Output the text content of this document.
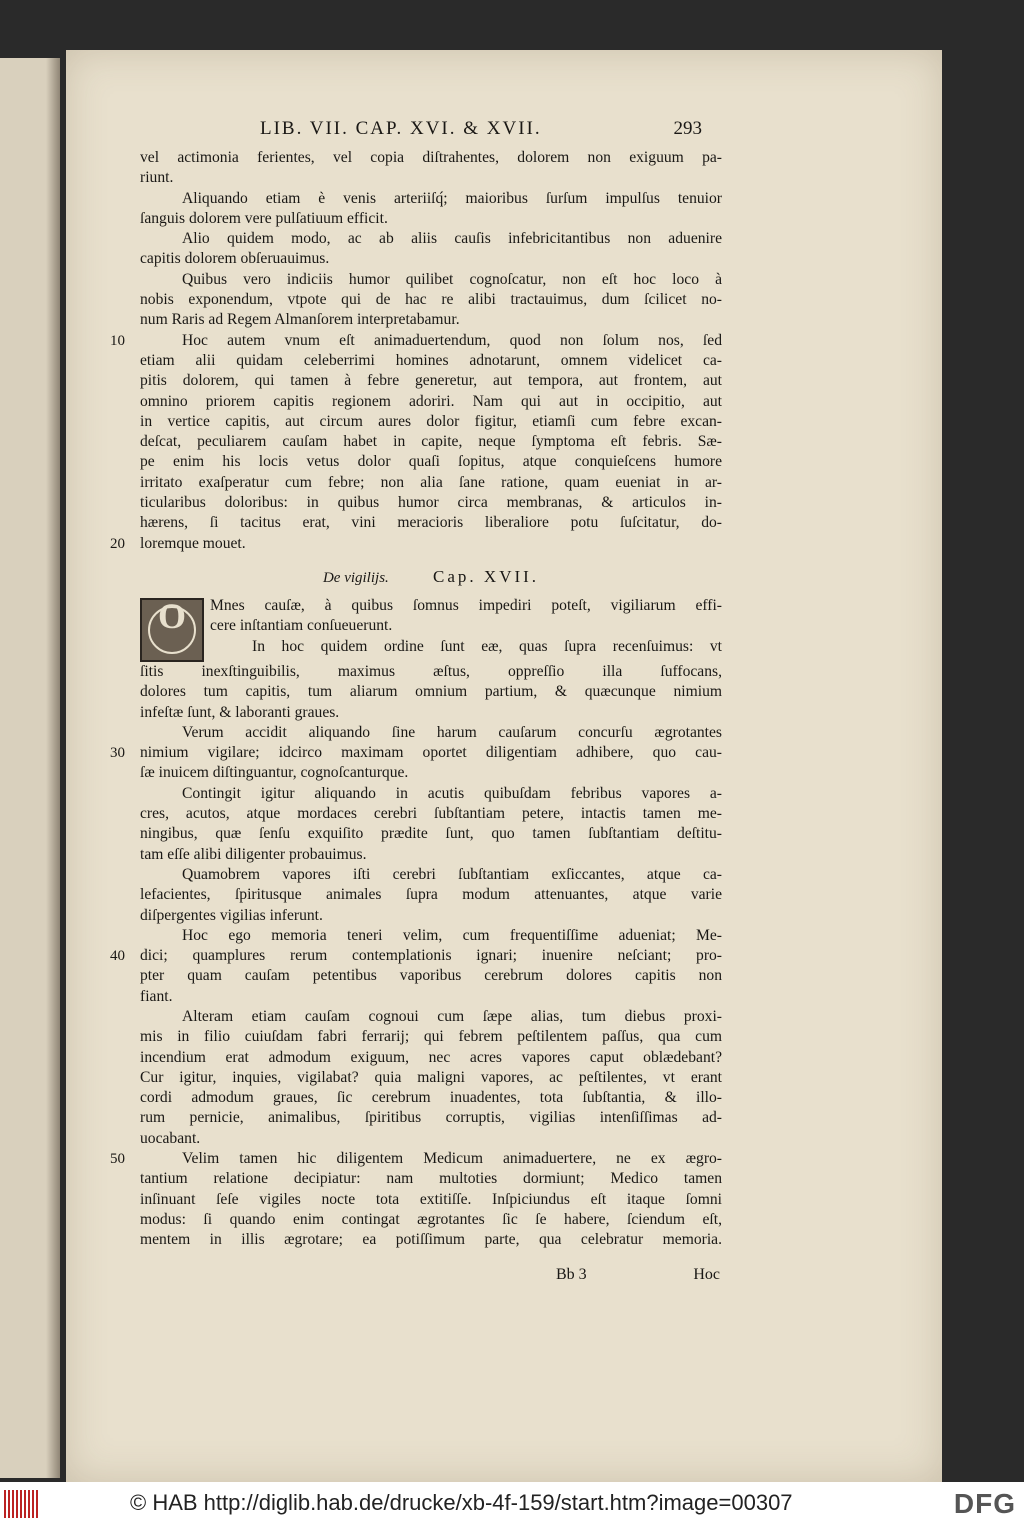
LIB. VII. CAP. XVI. & XVII.	293
vel actimonia ferientes, vel copia diſtrahentes, dolorem non exiguum pa-
riunt.
Aliquando etiam è venis arteriiſq́; maioribus ſurſum impulſus tenuior
ſanguis dolorem vere pulſatiuum efficit.
Alio quidem modo, ac ab aliis cauſis infebricitantibus non aduenire
capitis dolorem obſeruauimus.
Quibus vero indiciis humor quilibet cognoſcatur, non eſt hoc loco à
nobis exponendum, vtpote qui de hac re alibi tractauimus, dum ſcilicet no-
num Raris ad Regem Almanſorem interpretabamur.
10	Hoc autem vnum eſt animaduertendum, quod non ſolum nos, ſed
etiam alii quidam celeberrimi homines adnotarunt, omnem videlicet ca-
pitis dolorem, qui tamen à febre generetur, aut tempora, aut frontem, aut
omnino priorem capitis regionem adoriri. Nam qui aut in occipitio, aut
in vertice capitis, aut circum aures dolor figitur, etiamſi cum febre excan-
deſcat, peculiarem cauſam habet in capite, neque ſymptoma eſt febris. Sæ-
pe enim his locis vetus dolor quaſi ſopitus, atque conquieſcens humore
irritato exaſperatur cum febre; non alia ſane ratione, quam eueniat in ar-
ticularibus doloribus: in quibus humor circa membranas, & articulos in-
hærens, ſi tacitus erat, vini meracioris liberaliore potu ſuſcitatur, do-
20 loremque mouet.
De vigilijs.	Cap. XVII.
O	Mnes cauſæ, à quibus ſomnus impediri poteſt, vigiliarum effi-
cere inſtantiam conſueuerunt.
In hoc quidem ordine ſunt eæ, quas ſupra recenſuimus: vt
ſitis inexſtinguibilis, maximus æſtus, oppreſſio illa ſuffocans,
dolores tum capitis, tum aliarum omnium partium, & quæcunque nimium
infeſtæ ſunt, & laboranti graues.
Verum accidit aliquando ſine harum cauſarum concurſu ægrotantes
30 nimium vigilare; idcirco maximam oportet diligentiam adhibere, quo cau-
ſæ inuicem diſtinguantur, cognoſcanturque.
Contingit igitur aliquando in acutis quibuſdam febribus vapores a-
cres, acutos, atque mordaces cerebri ſubſtantiam petere, intactis tamen me-
ningibus, quæ ſenſu exquiſito prædite ſunt, quo tamen ſubſtantiam deſtitu-
tam eſſe alibi diligenter probauimus.
Quamobrem vapores iſti cerebri ſubſtantiam exſiccantes, atque ca-
lefacientes, ſpiritusque animales ſupra modum attenuantes, atque varie
diſpergentes vigilias inferunt.
Hoc ego memoria teneri velim, cum frequentiſſime adueniat; Me-
40 dici; quamplures rerum contemplationis ignari; inuenire neſciant; pro-
pter quam cauſam petentibus vaporibus cerebrum dolores capitis non
fiant.
Alteram etiam cauſam cognoui cum ſæpe alias, tum diebus proxi-
mis in filio cuiuſdam fabri ferrarij; qui febrem peſtilentem paſſus, qua cum
incendium erat admodum exiguum, nec acres vapores caput oblædebant?
Cur igitur, inquies, vigilabat? quia maligni vapores, ac peſtilentes, vt erant
cordi admodum graues, ſic cerebrum inuadentes, tota ſubſtantia, & illo-
rum pernicie, animalibus, ſpiritibus corruptis, vigilias intenſiſſimas ad-
uocabant.
50	Velim tamen hic diligentem Medicum animaduertere, ne ex ægro-
tantium relatione decipiatur: nam multoties dormiunt; Medico tamen
inſinuant ſeſe vigiles nocte tota extitiſſe. Inſpiciundus eſt itaque ſomni
modus: ſi quando enim contingat ægrotantes ſic ſe habere, ſciendum eſt,
mentem in illis ægrotare; ea potiſſimum parte, qua celebratur memoria.
Bb 3	Hoc
© HAB http://diglib.hab.de/drucke/xb-4f-159/start.htm?image=00307	DFG
